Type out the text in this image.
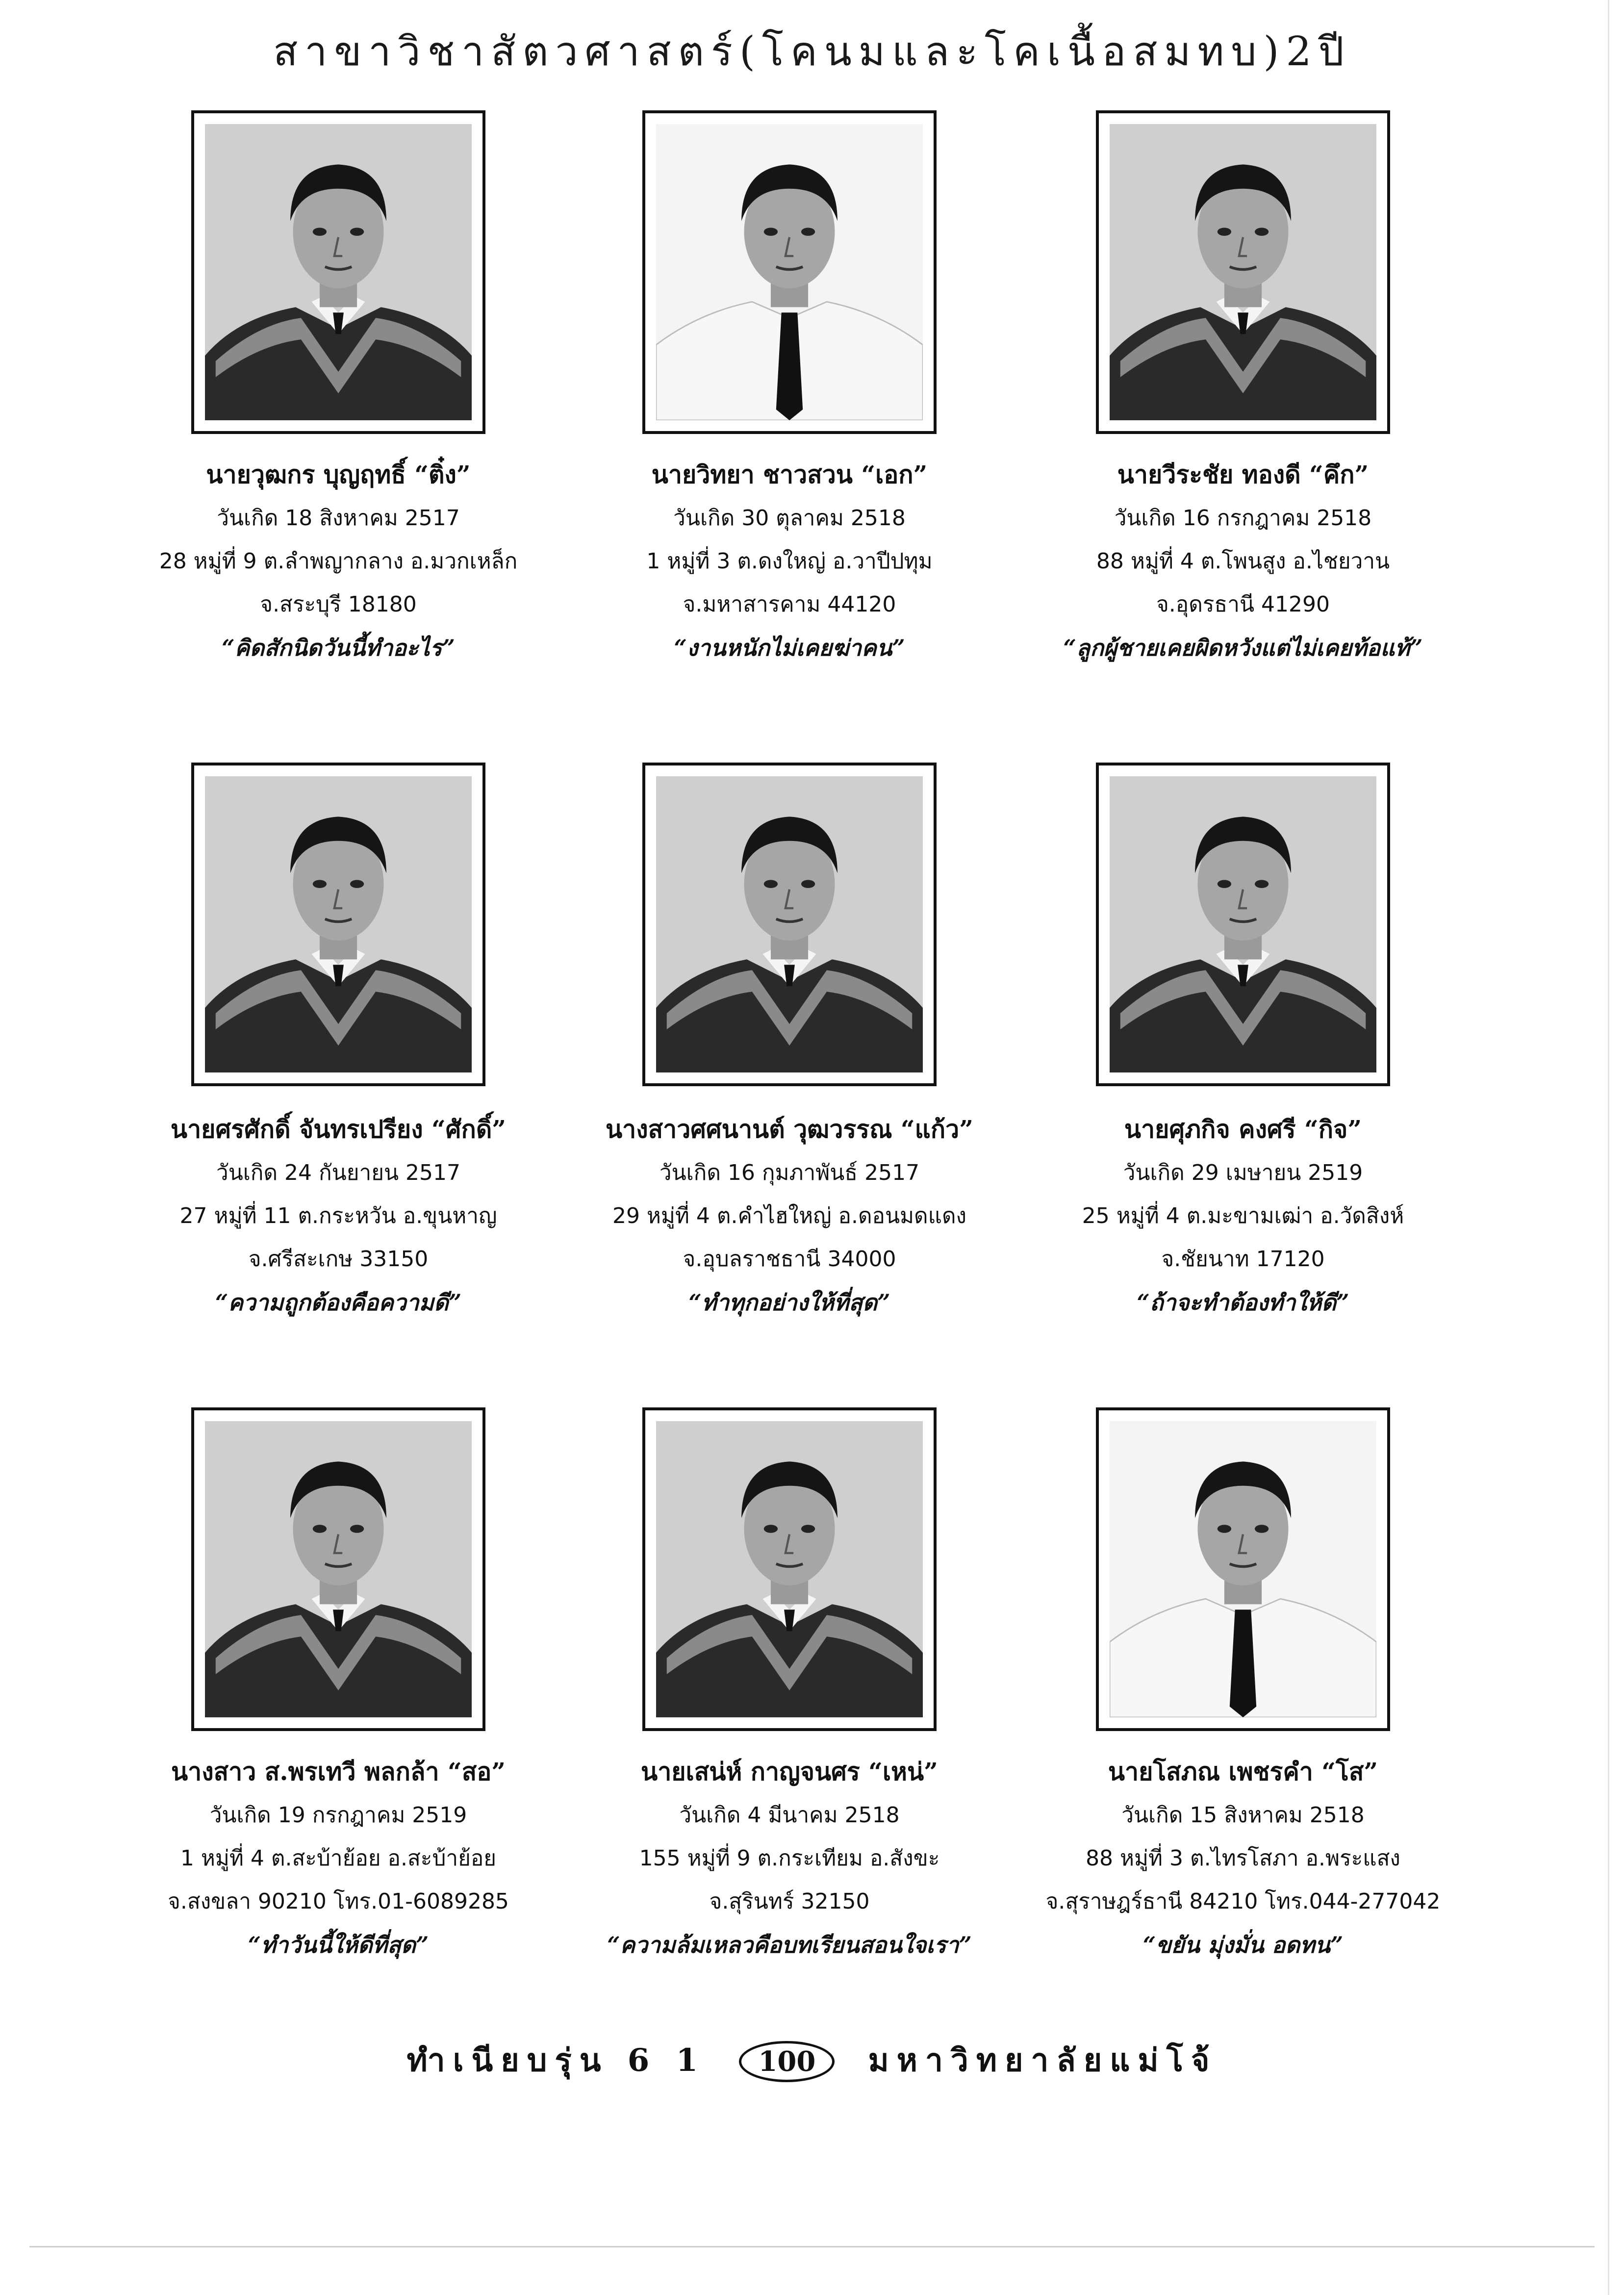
สาขาวิชาสัตวศาสตร์(โคนมและโคเนื้อสมทบ)2ปี
นายวุฒกร บุญฤทธิ์ “ติ๋ง”
วันเกิด 18 สิงหาคม 2517
28 หมู่ที่ 9 ต.ลำพญากลาง อ.มวกเหล็ก
จ.สระบุรี 18180
“คิดสักนิดวันนี้ทำอะไร”
นายวิทยา ชาวสวน “เอก”
วันเกิด 30 ตุลาคม 2518
1 หมู่ที่ 3 ต.ดงใหญ่ อ.วาปีปทุม
จ.มหาสารคาม 44120
“งานหนักไม่เคยฆ่าคน”
นายวีระชัย ทองดี “คึก”
วันเกิด 16 กรกฎาคม 2518
88 หมู่ที่ 4 ต.โพนสูง อ.ไชยวาน
จ.อุดรธานี 41290
“ลูกผู้ชายเคยผิดหวังแต่ไม่เคยท้อแท้”
นายศรศักดิ์ จันทรเปรียง “ศักดิ์”
วันเกิด 24 กันยายน 2517
27 หมู่ที่ 11 ต.กระหวัน อ.ขุนหาญ
จ.ศรีสะเกษ 33150
“ความถูกต้องคือความดี”
นางสาวศศนานต์ วุฒวรรณ “แก้ว”
วันเกิด 16 กุมภาพันธ์ 2517
29 หมู่ที่ 4 ต.คำไฮใหญ่ อ.ดอนมดแดง
จ.อุบลราชธานี 34000
“ทำทุกอย่างให้ที่สุด”
นายศุภกิจ คงศรี “กิจ”
วันเกิด 29 เมษายน 2519
25 หมู่ที่ 4 ต.มะขามเฒ่า อ.วัดสิงห์
จ.ชัยนาท 17120
“ถ้าจะทำต้องทำให้ดี”
นางสาว ส.พรเทวี พลกล้า “สอ”
วันเกิด 19 กรกฎาคม 2519
1 หมู่ที่ 4 ต.สะบ้าย้อย อ.สะบ้าย้อย
จ.สงขลา 90210 โทร.01-6089285
“ทำวันนี้ให้ดีที่สุด”
นายเสน่ห์ กาญจนศร “เหน่”
วันเกิด 4 มีนาคม 2518
155 หมู่ที่ 9 ต.กระเทียม อ.สังขะ
จ.สุรินทร์ 32150
“ความล้มเหลวคือบทเรียนสอนใจเรา”
นายโสภณ เพชรคำ “โส”
วันเกิด 15 สิงหาคม 2518
88 หมู่ที่ 3 ต.ไทรโสภา อ.พระแสง
จ.สุราษฎร์ธานี 84210 โทร.044-277042
“ขยัน มุ่งมั่น อดทน”
ทำเนียบรุ่น 6 1 100 มหาวิทยาลัยแม่โจ้
